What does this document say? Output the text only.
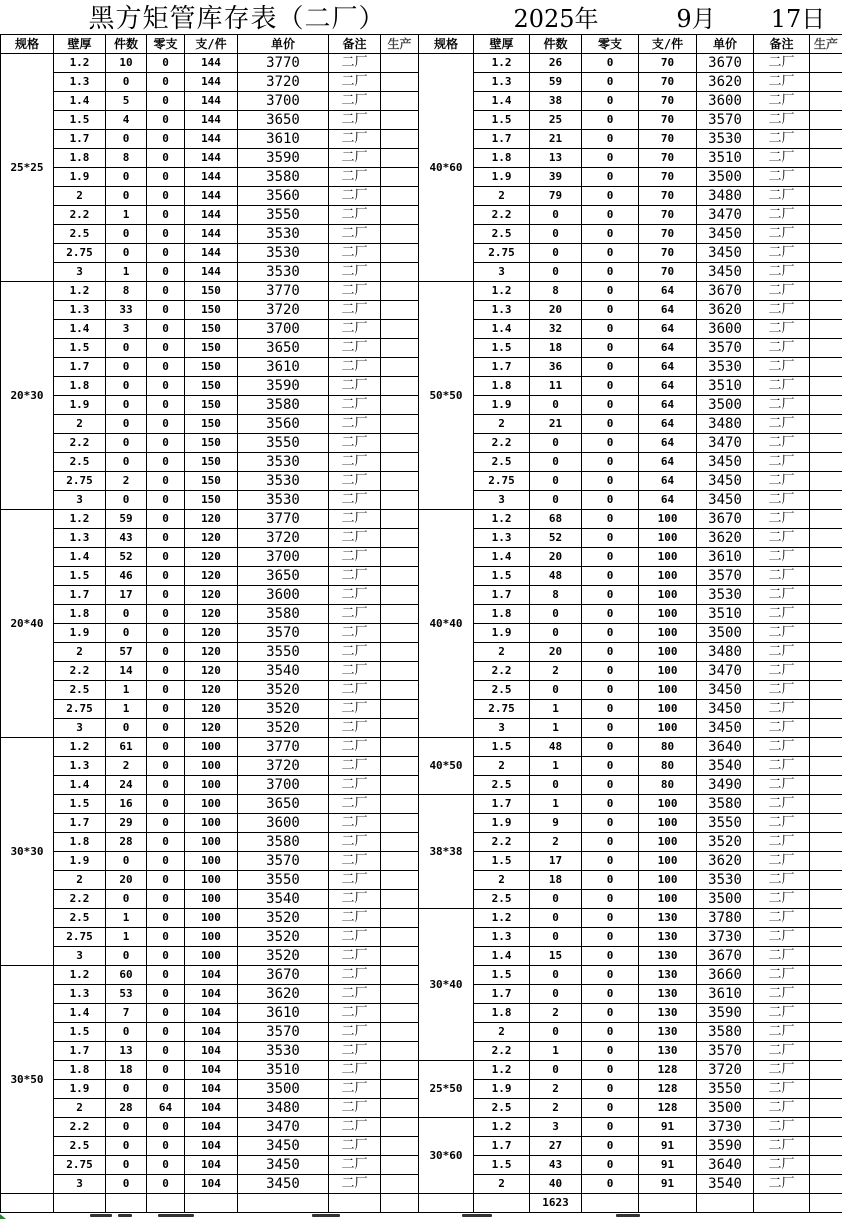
黑方矩管库存表（二厂）									2025年			9月		17日	
规格	壁厚	件数	零支	支/件	单价	备注	生产	规格	壁厚	件数	零支	支/件	单价	备注	生产
25*25	1.2	10	0	144	3770	二厂		40*60	1.2	26	0	70	3670	二厂	
	1.3	0	0	144	3720	二厂			1.3	59	0	70	3620	二厂	
	1.4	5	0	144	3700	二厂			1.4	38	0	70	3600	二厂	
	1.5	4	0	144	3650	二厂			1.5	25	0	70	3570	二厂	
	1.7	0	0	144	3610	二厂			1.7	21	0	70	3530	二厂	
	1.8	8	0	144	3590	二厂			1.8	13	0	70	3510	二厂	
	1.9	0	0	144	3580	二厂			1.9	39	0	70	3500	二厂	
	2	0	0	144	3560	二厂			2	79	0	70	3480	二厂	
	2.2	1	0	144	3550	二厂			2.2	0	0	70	3470	二厂	
	2.5	0	0	144	3530	二厂			2.5	0	0	70	3450	二厂	
	2.75	0	0	144	3530	二厂			2.75	0	0	70	3450	二厂	
	3	1	0	144	3530	二厂			3	0	0	70	3450	二厂	
20*30	1.2	8	0	150	3770	二厂		50*50	1.2	8	0	64	3670	二厂	
	1.3	33	0	150	3720	二厂			1.3	20	0	64	3620	二厂	
	1.4	3	0	150	3700	二厂			1.4	32	0	64	3600	二厂	
	1.5	0	0	150	3650	二厂			1.5	18	0	64	3570	二厂	
	1.7	0	0	150	3610	二厂			1.7	36	0	64	3530	二厂	
	1.8	0	0	150	3590	二厂			1.8	11	0	64	3510	二厂	
	1.9	0	0	150	3580	二厂			1.9	0	0	64	3500	二厂	
	2	0	0	150	3560	二厂			2	21	0	64	3480	二厂	
	2.2	0	0	150	3550	二厂			2.2	0	0	64	3470	二厂	
	2.5	0	0	150	3530	二厂			2.5	0	0	64	3450	二厂	
	2.75	2	0	150	3530	二厂			2.75	0	0	64	3450	二厂	
	3	0	0	150	3530	二厂			3	0	0	64	3450	二厂	
20*40	1.2	59	0	120	3770	二厂		40*40	1.2	68	0	100	3670	二厂	
	1.3	43	0	120	3720	二厂			1.3	52	0	100	3620	二厂	
	1.4	52	0	120	3700	二厂			1.4	20	0	100	3610	二厂	
	1.5	46	0	120	3650	二厂			1.5	48	0	100	3570	二厂	
	1.7	17	0	120	3600	二厂			1.7	8	0	100	3530	二厂	
	1.8	0	0	120	3580	二厂			1.8	0	0	100	3510	二厂	
	1.9	0	0	120	3570	二厂			1.9	0	0	100	3500	二厂	
	2	57	0	120	3550	二厂			2	20	0	100	3480	二厂	
	2.2	14	0	120	3540	二厂			2.2	2	0	100	3470	二厂	
	2.5	1	0	120	3520	二厂			2.5	0	0	100	3450	二厂	
	2.75	1	0	120	3520	二厂			2.75	1	0	100	3450	二厂	
	3	0	0	120	3520	二厂			3	1	0	100	3450	二厂	
30*30	1.2	61	0	100	3770	二厂		40*50	1.5	48	0	80	3640	二厂	
	1.3	2	0	100	3720	二厂			2	1	0	80	3540	二厂	
	1.4	24	0	100	3700	二厂			2.5	0	0	80	3490	二厂	
	1.5	16	0	100	3650	二厂		38*38	1.7	1	0	100	3580	二厂	
	1.7	29	0	100	3600	二厂			1.9	9	0	100	3550	二厂	
	1.8	28	0	100	3580	二厂			2.2	2	0	100	3520	二厂	
	1.9	0	0	100	3570	二厂			1.5	17	0	100	3620	二厂	
	2	20	0	100	3550	二厂			2	18	0	100	3530	二厂	
	2.2	0	0	100	3540	二厂			2.5	0	0	100	3500	二厂	
	2.5	1	0	100	3520	二厂		30*40	1.2	0	0	130	3780	二厂	
	2.75	1	0	100	3520	二厂			1.3	0	0	130	3730	二厂	
	3	0	0	100	3520	二厂			1.4	15	0	130	3670	二厂	
30*50	1.2	60	0	104	3670	二厂			1.5	0	0	130	3660	二厂	
	1.3	53	0	104	3620	二厂			1.7	0	0	130	3610	二厂	
	1.4	7	0	104	3610	二厂			1.8	2	0	130	3590	二厂	
	1.5	0	0	104	3570	二厂			2	0	0	130	3580	二厂	
	1.7	13	0	104	3530	二厂			2.2	1	0	130	3570	二厂	
	1.8	18	0	104	3510	二厂		25*50	1.2	0	0	128	3720	二厂	
	1.9	0	0	104	3500	二厂			1.9	2	0	128	3550	二厂	
	2	28	64	104	3480	二厂			2.5	2	0	128	3500	二厂	
	2.2	0	0	104	3470	二厂		30*60	1.2	3	0	91	3730	二厂	
	2.5	0	0	104	3450	二厂			1.7	27	0	91	3590	二厂	
	2.75	0	0	104	3450	二厂			1.5	43	0	91	3640	二厂	
	3	0	0	104	3450	二厂			2	40	0	91	3540	二厂	
										1623					
